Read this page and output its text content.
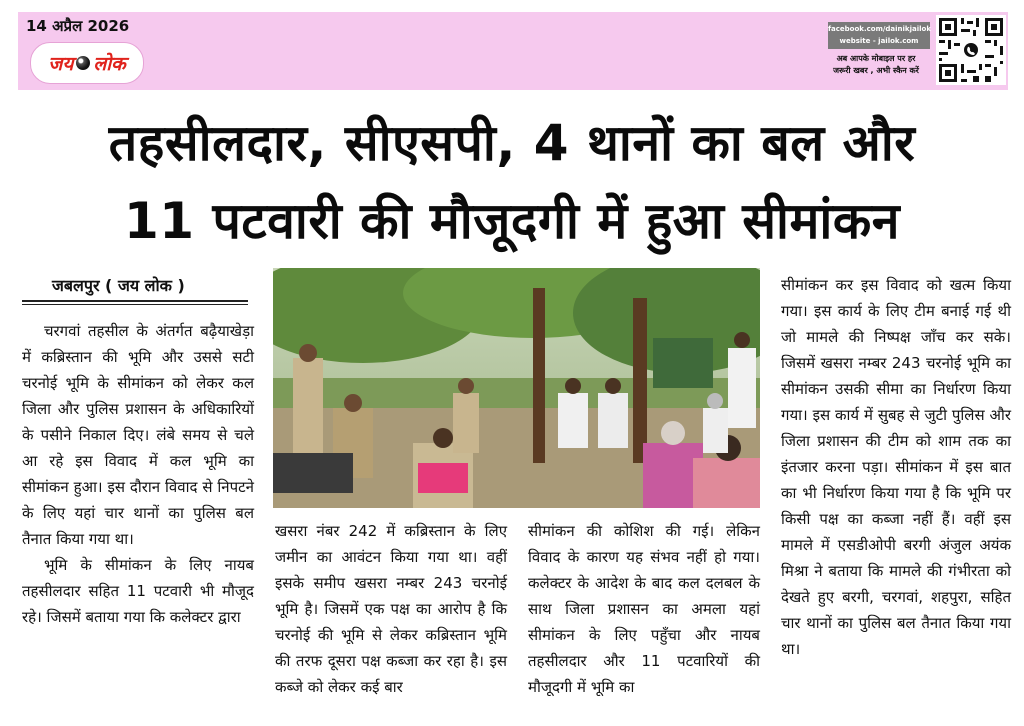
14 अप्रैल 2026
जय लोक
facebook.com/dainikjailok
website - jailok.com
अब आपके मोबाइल पर हर
जरूरी खबर , अभी स्कैन करें
तहसीलदार, सीएसपी, 4 थानों का बल और
11 पटवारी की मौजूदगी में हुआ सीमांकन
जबलपुर ( जय लोक )

चरगवां तहसील के अंतर्गत बढ़ैयाखेड़ा में कब्रिस्तान की भूमि और उससे सटी चरनोई भूमि के सीमांकन को लेकर कल जिला और पुलिस प्रशासन के अधिकारियों के पसीने निकाल दिए। लंबे समय से चले आ रहे इस विवाद में कल भूमि का सीमांकन हुआ। इस दौरान विवाद से निपटने के लिए यहां चार थानों का पुलिस बल तैनात किया गया था।

भूमि के सीमांकन के लिए नायब तहसीलदार सहित 11 पटवारी भी मौजूद रहे। जिसमें बताया गया कि कलेक्टर द्वारा

खसरा नंबर 242 में कब्रिस्तान के लिए जमीन का आवंटन किया गया था। वहीं इसके समीप खसरा नम्बर 243 चरनोई भूमि है। जिसमें एक पक्ष का आरोप है कि चरनोई की भूमि से लेकर कब्रिस्तान भूमि की तरफ दूसरा पक्ष कब्जा कर रहा है। इस कब्जे को लेकर कई बार
सीमांकन की कोशिश की गई। लेकिन विवाद के कारण यह संभव नहीं हो गया। कलेक्टर के आदेश के बाद कल दलबल के साथ जिला प्रशासन का अमला यहां सीमांकन के लिए पहुँचा और नायब तहसीलदार और 11 पटवारियों की मौजूदगी में भूमि का
सीमांकन कर इस विवाद को खत्म किया गया। इस कार्य के लिए टीम बनाई गई थी जो मामले की निष्पक्ष जाँच कर सके। जिसमें खसरा नम्बर 243 चरनोई भूमि का सीमांकन उसकी सीमा का निर्धारण किया गया। इस कार्य में सुबह से जुटी पुलिस और जिला प्रशासन की टीम को शाम तक का इंतजार करना पड़ा। सीमांकन में इस बात का भी निर्धारण किया गया है कि भूमि पर किसी पक्ष का कब्जा नहीं हैं। वहीं इस मामले में एसडीओपी बरगी अंजुल अयंक मिश्रा ने बताया कि मामले की गंभीरता को देखते हुए बरगी, चरगवां, शहपुरा, सहित चार थानों का पुलिस बल तैनात किया गया था।
